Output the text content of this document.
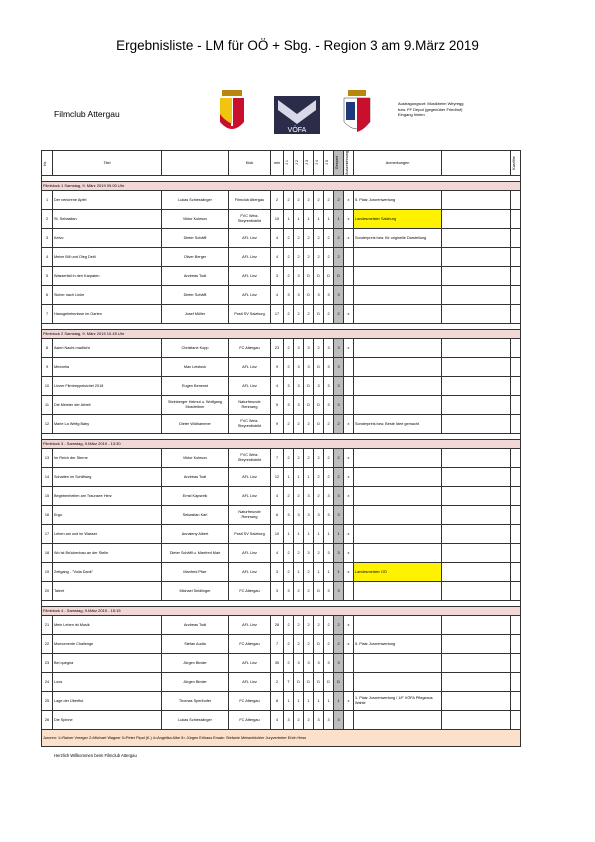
Ergebnisliste - LM für OÖ + Sbg. - Region 3 am 9.März 2019
Filmclub Attergau
VÖFA
Austragungsort: Musikheim Weyregg
bzw. FF Depot (gegenüber Friedhof)
Eingang hinten
Nr.	Titel		Klub	min	J 1	J 2	J 3	J 4	J 5	Gesamt	Auszeichnung	Anmerkungen		Kurzfilm

Filmblock 1 Samstag, 9. März 2019 09.00 Uhr														
1	Der verlorene Apfel	Lukas Schiesslinger	Filmclub Attergau	2	2	2	2	2	2	2	x	5. Platz Jurorenwertung		
2	St. Sebastian	Viktor Kolesov	FVC Weiz-Steyrerdistrikt	10	1	1	1	1	1	1	x	Landesmeister Salzburg		
3	Kelvo	Dieter Schäffl	AFL Linz	4	2	2	2	2	2	2	x	Sonderpreis bzw. für originelle Darstellung		
4	Meine Bill und Oleg Deiti	Oliver Berger	AFL Linz	4	2	2	2	2	2	2				
5	Wasserfall in den Karpaten	Andreas Todt	AFL Linz	3	2	3	D	D	D	D				
6	Sicher nach Linke	Dieter Schäffl	AFL Linz	4	3	3	D	3	3	3				
7	Hausgeheimnisse im Garten	Josef Müller	Postl SV Salzburg	17	2	2	2	D	2	2	x			

Filmblock 2 Samstag, 9. März 2019 10.45 Uhr														
8	Asien Nacht madlicht	Christiane Kopp	FC Attergau	23	2	3	3	2	3	3	x			
9	Mexxelia	Max Leistock	AFL Linz	9	2	3	3	D	3	3				
10	Linzer Filmtreppelsichel 2018	Eugen Benenst	AFL Linz	4	3	3	D	3	3	3				
11	Die Meister der Arbeit	Steinberger Helmut u. Wolfgang Mostreitner	Naturfreunde Rennweg	5	3	3	D	D	3	3				
12	Marie La Weltg Baby	Dieter Widhammer	FVC Weiz-Steyrerdistrikt	9	2	2	2	D	2	2	x	Sonderpreis bzw. Beste Idee gemacht		

Filmblock 3 - Samstag, 9.März 2019 - 13:30														
13	Im Reich der Sterne	Viktor Kolesov	FVC Weiz-Steyrerdistrikt	7	2	2	2	2	2	2	x			
14	Schatten im Schilfweg	Andreas Todt	AFL Linz	12	1	1	1	2	2	2	x			
15	Begebenheiten am Traunsee Herz	Ernst Kapsreik	AFL Linz	4	2	2	3	2	3	3	x			
16	Ergo	Sebastian Karl	Naturfreunde Rennweg	6	3	3	3	3	3	3				
17	Leben am und im Wasser	Annaleny Albert	Postl SV Salzburg	10	1	1	1	1	1	1	x			
18	Wo ist Brückenbau an der Stelle	Dieter Schäffl u. Manfred Mair	AFL Linz	4	2	2	3	2	3	3	x			
19	Zeitgang - "Voila Dank"	Manfred Pfarr	AFL Linz	3	2	1	2	1	1	1	x	Landesmeister OÖ		
20	Talent	Michael Seidlinger	FC Attergau	3	3	2	2	D	3	3				

Filmblock 4 - Samstag, 9.März 2019 - 15:15														
21	Mein Leben ist Musik	Andreas Todt	AFL Linz	28	2	2	2	2	2	2	x			
22	Momomente Challenge	Stefan Audia	FC Attergau	7	2	2	2	D	2	2	x	5. Platz Jurorenwertung		
23	Bel quegna	Jürgen Binder	AFL Linz	35	2	3	3	3	3	3				
24	Loos	Jürgen Binder	AFL Linz	2	T	D	D	D	D	D				
25	Lage der Überflut	Thomas Sperlhofer	FC Attergau	8	1	1	1	1	1	1	x	1. Platz Jurorenwertung / 1/F VÖFA Pflegeaus Wahle		
26	Die Spinne	Lukas Schiesslinger	FC Attergau	4	3	2	2	3	3	3				
Juroren: 1=Rainer Vreeger 2=Michael Wagner 3=Peter Pipal (K.) 4=Angelika Albe 5= Jürgen Erlhaus Ersatz: Stefanie Meisenbichler Juryvertreter Erich Hess														
Herzlich Willkommen beim Filmclub Attergau
